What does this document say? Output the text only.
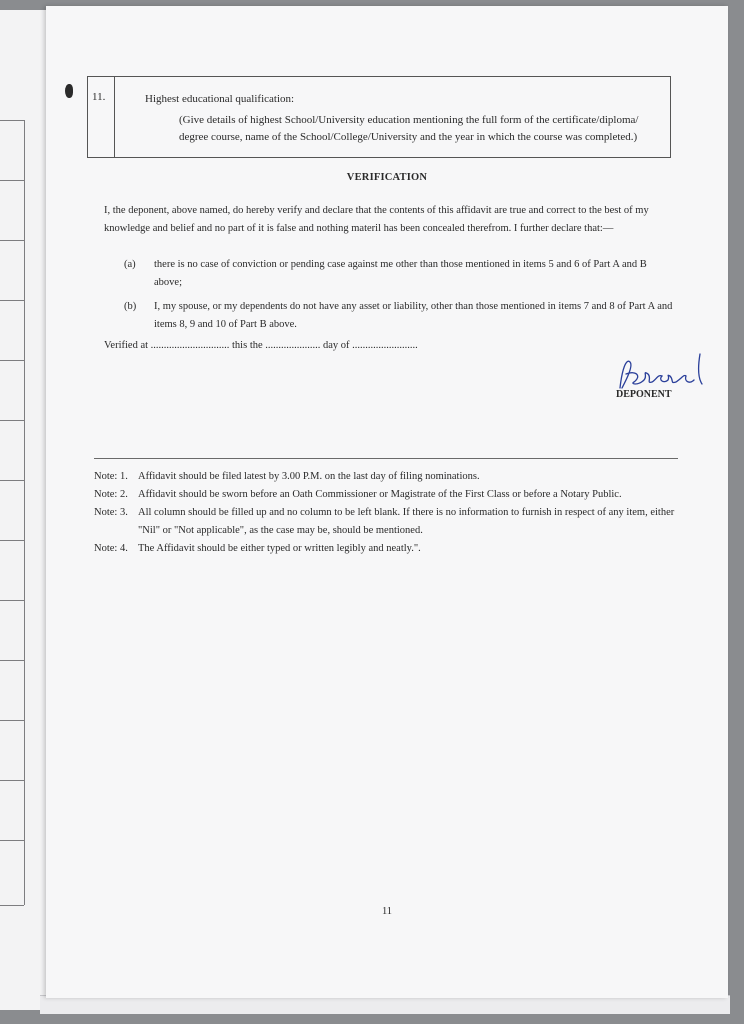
11.	Highest educational qualification:

(Give details of highest School/University education mentioning the full form of the certificate/diploma/ degree course, name of the School/College/University and the year in which the course was completed.)

VERIFICATION

I, the deponent, above named, do hereby verify and declare that the contents of this affidavit are true and correct to the best of my knowledge and belief and no part of it is false and nothing materil has been concealed therefrom. I further declare that:—

(a)	there is no case of conviction or pending case against me other than those mentioned in items 5 and 6 of Part A and B above;
(b)	I, my spouse, or my dependents do not have any asset or liability, other than those mentioned in items 7 and 8 of Part A and items 8, 9 and 10 of Part B above.
Verified at .............................. this the ..................... day of .........................
DEPONENT
Note: 1. Affidavit should be filed latest by 3.00 P.M. on the last day of filing nominations.
Note: 2. Affidavit should be sworn before an Oath Commissioner or Magistrate of the First Class or before a Notary Public.
Note: 3. All column should be filled up and no column to be left blank. If there is no information to furnish in respect of any item, either "Nil" or "Not applicable", as the case may be, should be mentioned.
Note: 4. The Affidavit should be either typed or written legibly and neatly.".
11
